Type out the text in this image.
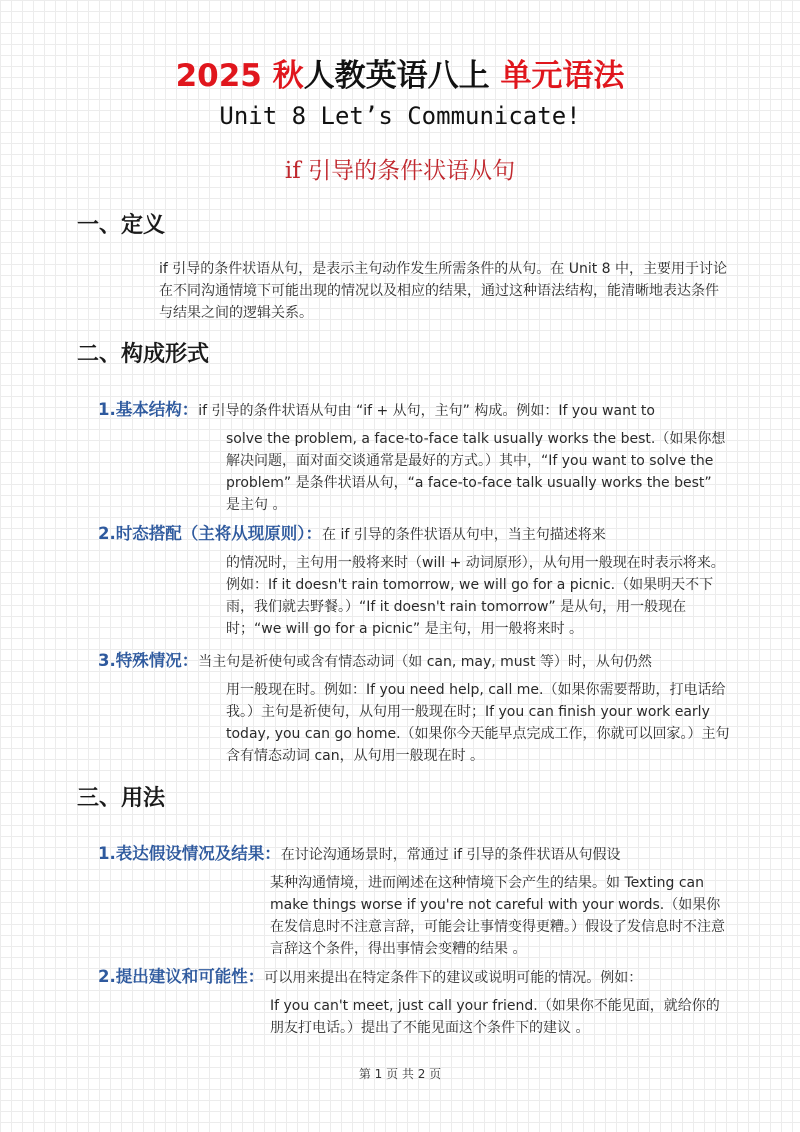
2025 秋人教英语八上 单元语法
Unit 8 Let’s Communicate!
if 引导的条件状语从句
一、定义
if 引导的条件状语从句，是表示主句动作发生所需条件的从句。在 Unit 8 中，主要用于讨论在不同沟通情境下可能出现的情况以及相应的结果，通过这种语法结构，能清晰地表达条件与结果之间的逻辑关系。
二、构成形式
1.基本结构：if 引导的条件状语从句由 “if + 从句，主句” 构成。例如：If you want to
solve the problem, a face-to-face talk usually works the best.（如果你想解决问题，面对面交谈通常是最好的方式。）其中，“If you want to solve the problem” 是条件状语从句，“a face-to-face talk usually works the best” 是主句 。
2.时态搭配（主将从现原则）：在 if 引导的条件状语从句中，当主句描述将来
的情况时，主句用一般将来时（will + 动词原形），从句用一般现在时表示将来。例如：If it doesn't rain tomorrow, we will go for a picnic.（如果明天不下雨，我们就去野餐。）“If it doesn't rain tomorrow” 是从句，用一般现在时；“we will go for a picnic” 是主句，用一般将来时 。
3.特殊情况：当主句是祈使句或含有情态动词（如 can, may, must 等）时，从句仍然
用一般现在时。例如：If you need help, call me.（如果你需要帮助，打电话给我。）主句是祈使句，从句用一般现在时；If you can finish your work early today, you can go home.（如果你今天能早点完成工作，你就可以回家。）主句含有情态动词 can，从句用一般现在时 。
三、用法
1.表达假设情况及结果：在讨论沟通场景时，常通过 if 引导的条件状语从句假设
某种沟通情境，进而阐述在这种情境下会产生的结果。如 Texting can make things worse if you're not careful with your words.（如果你在发信息时不注意言辞，可能会让事情变得更糟。）假设了发信息时不注意言辞这个条件，得出事情会变糟的结果 。
2.提出建议和可能性：可以用来提出在特定条件下的建议或说明可能的情况。例如：
If you can't meet, just call your friend.（如果你不能见面，就给你的朋友打电话。）提出了不能见面这个条件下的建议 。
第 1 页 共 2 页
